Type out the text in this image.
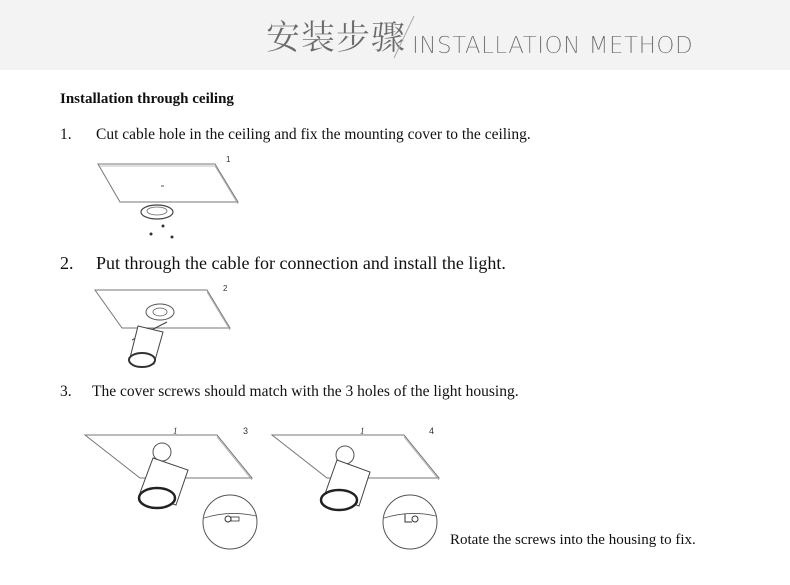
安装步骤 INSTALLATION METHOD
Installation through ceiling
1. Cut cable hole in the ceiling and fix the mounting cover to the ceiling.
1
2. Put through the cable for connection and install the light.
2
3. The cover screws should match with the 3 holes of the light housing.
1	3	1	4
Rotate the screws into the housing to fix.
